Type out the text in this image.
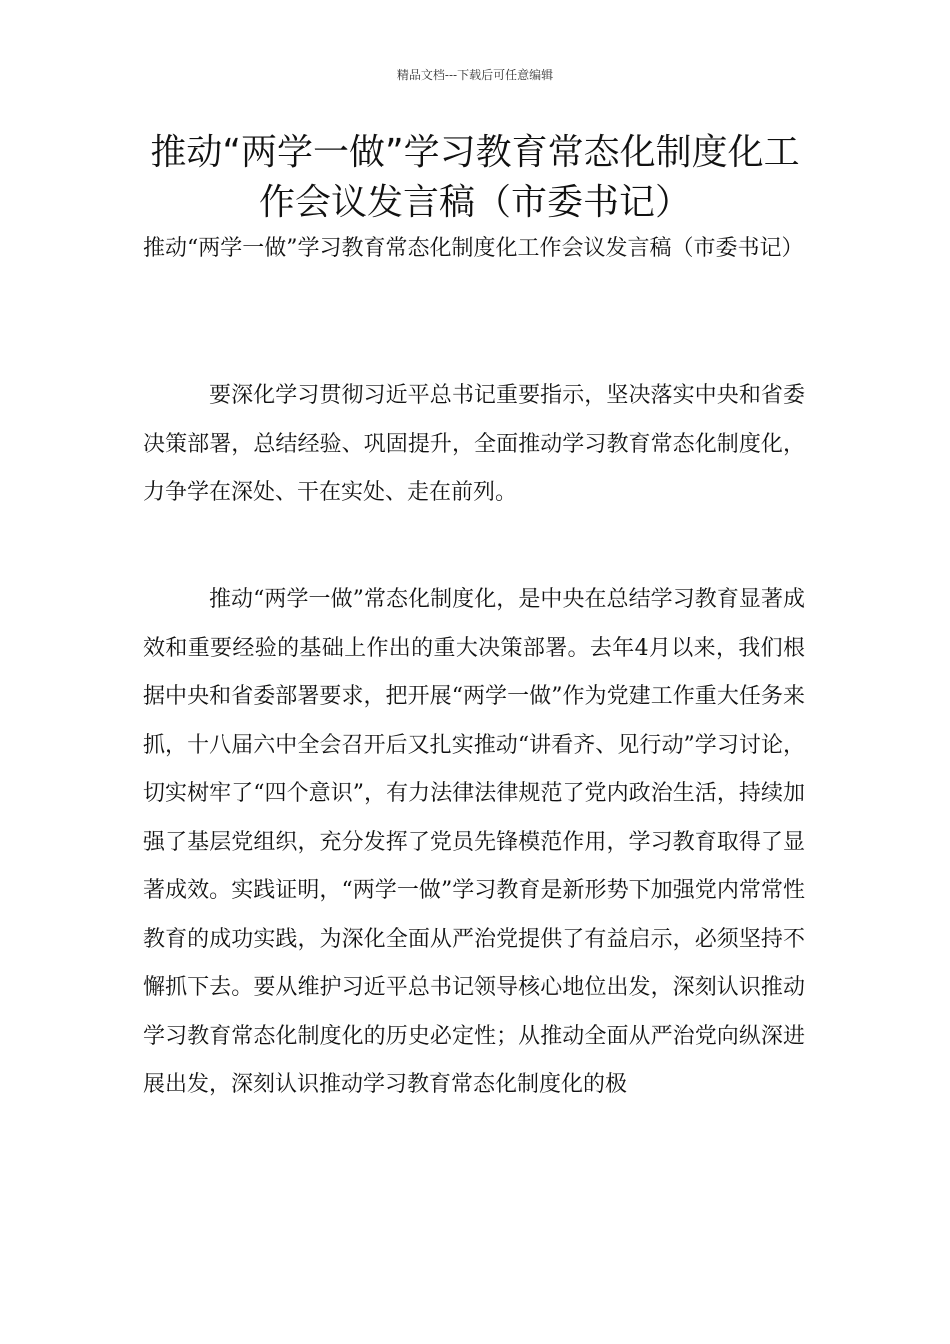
精品文档---下载后可任意编辑
推动“两学一做”学习教育常态化制度化工作会议发言稿（市委书记）

推动“两学一做”学习教育常态化制度化工作会议发言稿（市委书记）

要深化学习贯彻习近平总书记重要指示，坚决落实中央和省委决策部署，总结经验、巩固提升，全面推动学习教育常态化制度化，力争学在深处、干在实处、走在前列。

推动“两学一做”常态化制度化，是中央在总结学习教育显著成效和重要经验的基础上作出的重大决策部署。去年4月以来，我们根据中央和省委部署要求，把开展“两学一做”作为党建工作重大任务来抓，十八届六中全会召开后又扎实推动“讲看齐、见行动”学习讨论，切实树牢了“四个意识”，有力法律法律规范了党内政治生活，持续加强了基层党组织，充分发挥了党员先锋模范作用，学习教育取得了显著成效。实践证明，“两学一做”学习教育是新形势下加强党内常常性教育的成功实践，为深化全面从严治党提供了有益启示，必须坚持不懈抓下去。要从维护习近平总书记领导核心地位出发，深刻认识推动学习教育常态化制度化的历史必定性；从推动全面从严治党向纵深进展出发，深刻认识推动学习教育常态化制度化的极
